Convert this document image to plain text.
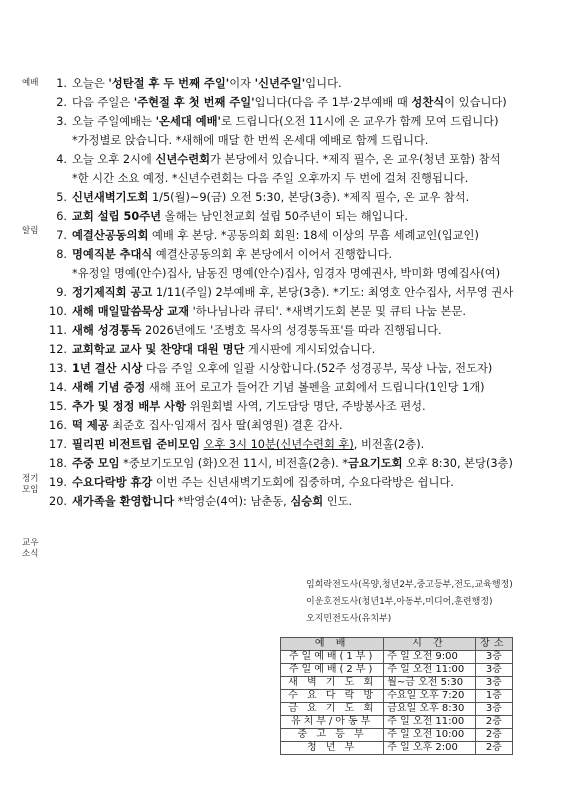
예배
알림
정기 모임
교우 소식
1. 오늘은 '성탄절 후 두 번째 주일'이자 '신년주일'입니다.
2. 다음 주일은 '주현절 후 첫 번째 주일'입니다(다음 주 1부·2부예배 때 성찬식이 있습니다)
3. 오늘 주일예배는 '온세대 예배'로 드립니다(오전 11시에 온 교우가 함께 모여 드립니다)
*가정별로 앉습니다. *새해에 매달 한 번씩 온세대 예배로 함께 드립니다.
4. 오늘 오후 2시에 신년수련회가 본당에서 있습니다. *제직 필수, 온 교우(청년 포함) 참석
*한 시간 소요 예정. *신년수련회는 다음 주일 오후까지 두 번에 걸쳐 진행됩니다.
5. 신년새벽기도회 1/5(월)~9(금) 오전 5:30, 본당(3층). *제직 필수, 온 교우 참석.
6. 교회 설립 50주년 올해는 남인천교회 설립 50주년이 되는 해입니다.
7. 예결산공동의회 예배 후 본당. *공동의회 회원: 18세 이상의 무흠 세례교인(입교인)
8. 명예직분 추대식 예결산공동의회 후 본당에서 이어서 진행합니다.
*유정일 명예(안수)집사, 남동진 명예(안수)집사, 임경자 명예권사, 박미화 명예집사(여)
9. 정기제직회 공고 1/11(주일) 2부예배 후, 본당(3층). *기도: 최영호 안수집사, 서무영 권사
10. 새해 매일말씀묵상 교재 '하나님나라 큐티'. *새벽기도회 본문 및 큐티 나눔 본문.
11. 새해 성경통독 2026년에도 '조병호 목사의 성경통독표'를 따라 진행됩니다.
12. 교회학교 교사 및 찬양대 대원 명단 게시판에 게시되었습니다.
13. 1년 결산 시상 다음 주일 오후에 일괄 시상합니다.(52주 성경공부, 묵상 나눔, 전도자)
14. 새해 기념 증정 새해 표어 로고가 들어간 기념 볼펜을 교회에서 드립니다(1인당 1개)
15. 추가 및 정정 배부 사항 위원회별 사역, 기도담당 명단, 주방봉사조 편성.
16. 떡 제공 최준호 집사·임재서 집사 딸(최영원) 결혼 감사.
17. 필리핀 비전트립 준비모임 오후 3시 10분(신년수련회 후), 비전홀(2층).
18. 주중 모임 *중보기도모임 (화)오전 11시, 비전홀(2층). *금요기도회 오후 8:30, 본당(3층)
19. 수요다락방 휴강 이번 주는 신년새벽기도회에 집중하며, 수요다락방은 쉽니다.
20. 새가족을 환영합니다 *박영순(4여): 남춘동, 심승희 인도.
임희락전도사(목양,청년2부,중고등부,전도,교육행정)
이운호전도사(청년1부,아동부,미디어,훈련행정)
오지민전도사(유치부)
예 배	시 간	장소
주일예배(1부)	주 일 오전 9:00	3층
주일예배(2부)	주 일 오전 11:00	3층
새 벽 기 도 회	월~금 오전 5:30	3층
수 요 다 락 방	수요일 오후 7:20	1층
금 요 기 도 회	금요일 오후 8:30	3층
유치부/아동부	주 일 오전 11:00	2층
중 고 등 부	주 일 오전 10:00	2층
청 년 부	주 일 오후 2:00	2층
